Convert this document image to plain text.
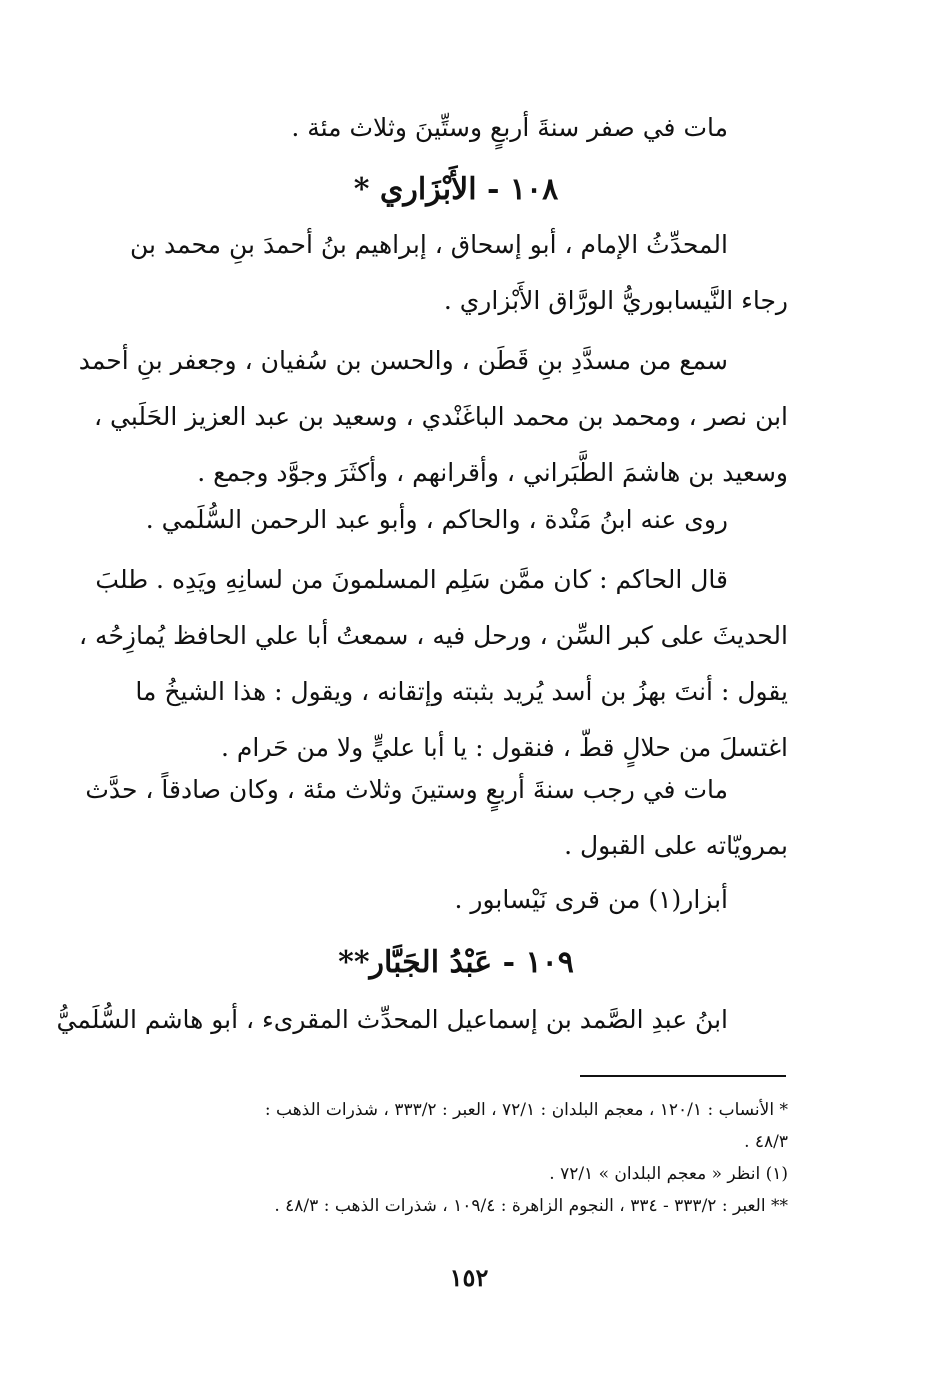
مات في صفر سنةَ أربعٍ وستِّينَ وثلاث مئة .
١٠٨ - الأَبْزَاري *
المحدِّثُ الإمام ، أبو إسحاق ، إبراهيم بنُ أحمدَ بنِ محمد بن
رجاء النَّيسابوريُّ الورَّاق الأَبْزاري .
سمع من مسدَّدِ بنِ قَطَن ، والحسن بن سُفيان ، وجعفر بنِ أحمد
ابن نصر ، ومحمد بن محمد الباغَنْدي ، وسعيد بن عبد العزيز الحَلَبي ،
وسعيد بن هاشمَ الطَّبَراني ، وأقرانهم ، وأكثَرَ وجوَّد وجمع .
روى عنه ابنُ مَنْدة ، والحاكم ، وأبو عبد الرحمن السُّلَمي .
قال الحاكم : كان ممَّن سَلِم المسلمونَ من لسانِهِ ويَدِه . طلبَ
الحديثَ على كبر السِّن ، ورحل فيه ، سمعتُ أبا علي الحافظ يُمازِحُه ،
يقول : أنتَ بهزُ بن أسد يُريد بثبته وإتقانه ، ويقول : هذا الشيخُ ما
اغتسلَ من حلالٍ قطّ ، فنقول : يا أبا عليٍّ ولا من حَرام .
مات في رجب سنةَ أربعٍ وستينَ وثلاث مئة ، وكان صادقاً ، حدَّث
بمرويّاته على القبول .
أبزار(١) من قرى نَيْسابور .
١٠٩ - عَبْدُ الجَبَّار**
ابنُ عبدِ الصَّمد بن إسماعيل المحدِّث المقرىء ، أبو هاشم السُّلَميُّ
* الأنساب : ١٢٠/١ ، معجم البلدان : ٧٢/١ ، العبر : ٣٣٣/٢ ، شذرات الذهب :
٤٨/٣ .
(١) انظر « معجم البلدان » ٧٢/١ .
** العبر : ٣٣٣/٢ - ٣٣٤ ، النجوم الزاهرة : ١٠٩/٤ ، شذرات الذهب : ٤٨/٣ .
١٥٢
